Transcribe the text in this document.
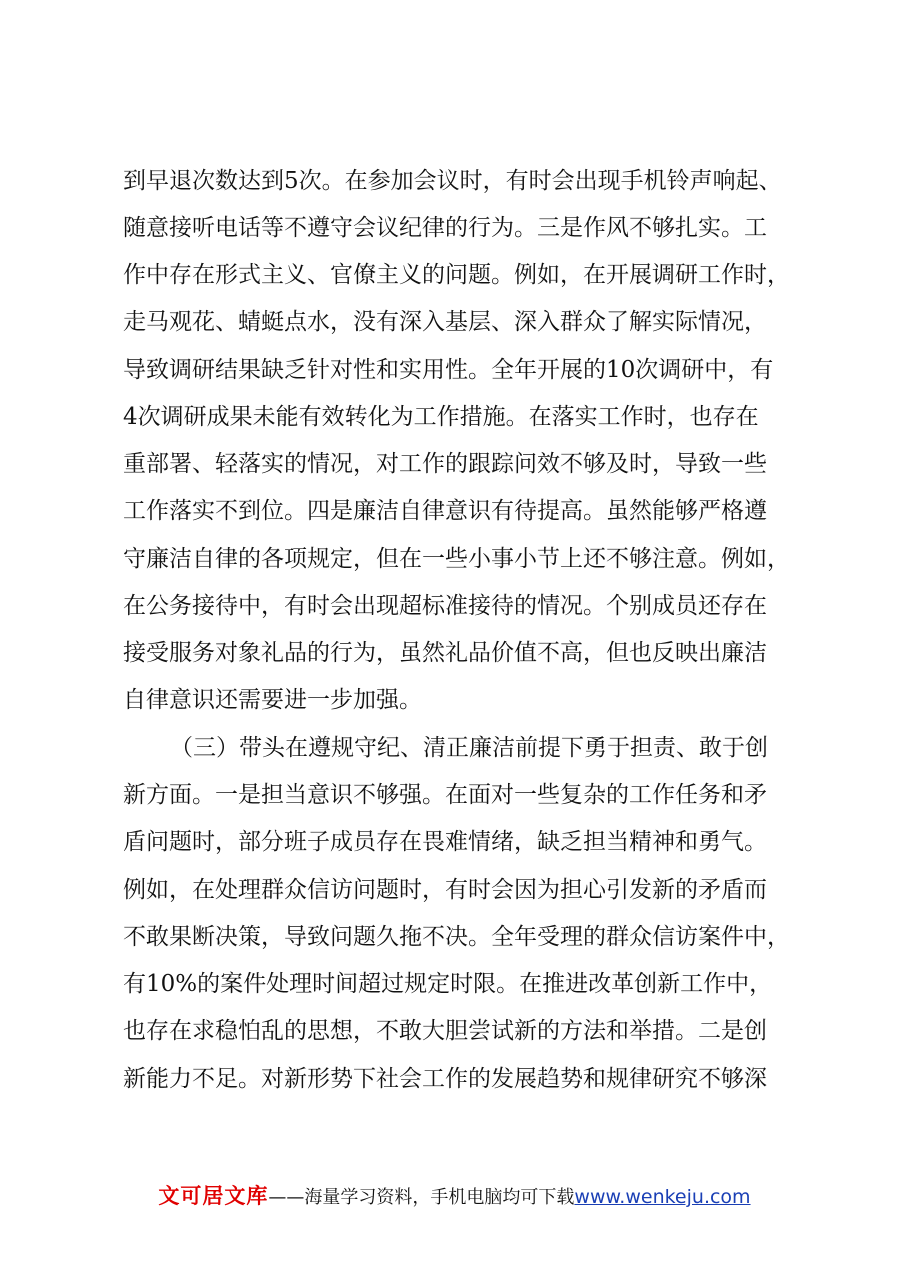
到早退次数达到5次。在参加会议时，有时会出现手机铃声响起、
随意接听电话等不遵守会议纪律的行为。三是作风不够扎实。工
作中存在形式主义、官僚主义的问题。例如，在开展调研工作时，
走马观花、蜻蜓点水，没有深入基层、深入群众了解实际情况，
导致调研结果缺乏针对性和实用性。全年开展的10次调研中，有
4次调研成果未能有效转化为工作措施。在落实工作时，也存在
重部署、轻落实的情况，对工作的跟踪问效不够及时，导致一些
工作落实不到位。四是廉洁自律意识有待提高。虽然能够严格遵
守廉洁自律的各项规定，但在一些小事小节上还不够注意。例如，
在公务接待中，有时会出现超标准接待的情况。个别成员还存在
接受服务对象礼品的行为，虽然礼品价值不高，但也反映出廉洁
自律意识还需要进一步加强。
（三）带头在遵规守纪、清正廉洁前提下勇于担责、敢于创
新方面。一是担当意识不够强。在面对一些复杂的工作任务和矛
盾问题时，部分班子成员存在畏难情绪，缺乏担当精神和勇气。
例如，在处理群众信访问题时，有时会因为担心引发新的矛盾而
不敢果断决策，导致问题久拖不决。全年受理的群众信访案件中，
有10%的案件处理时间超过规定时限。在推进改革创新工作中，
也存在求稳怕乱的思想，不敢大胆尝试新的方法和举措。二是创
新能力不足。对新形势下社会工作的发展趋势和规律研究不够深
文可居文库——海量学习资料，手机电脑均可下载www.wenkeju.com
